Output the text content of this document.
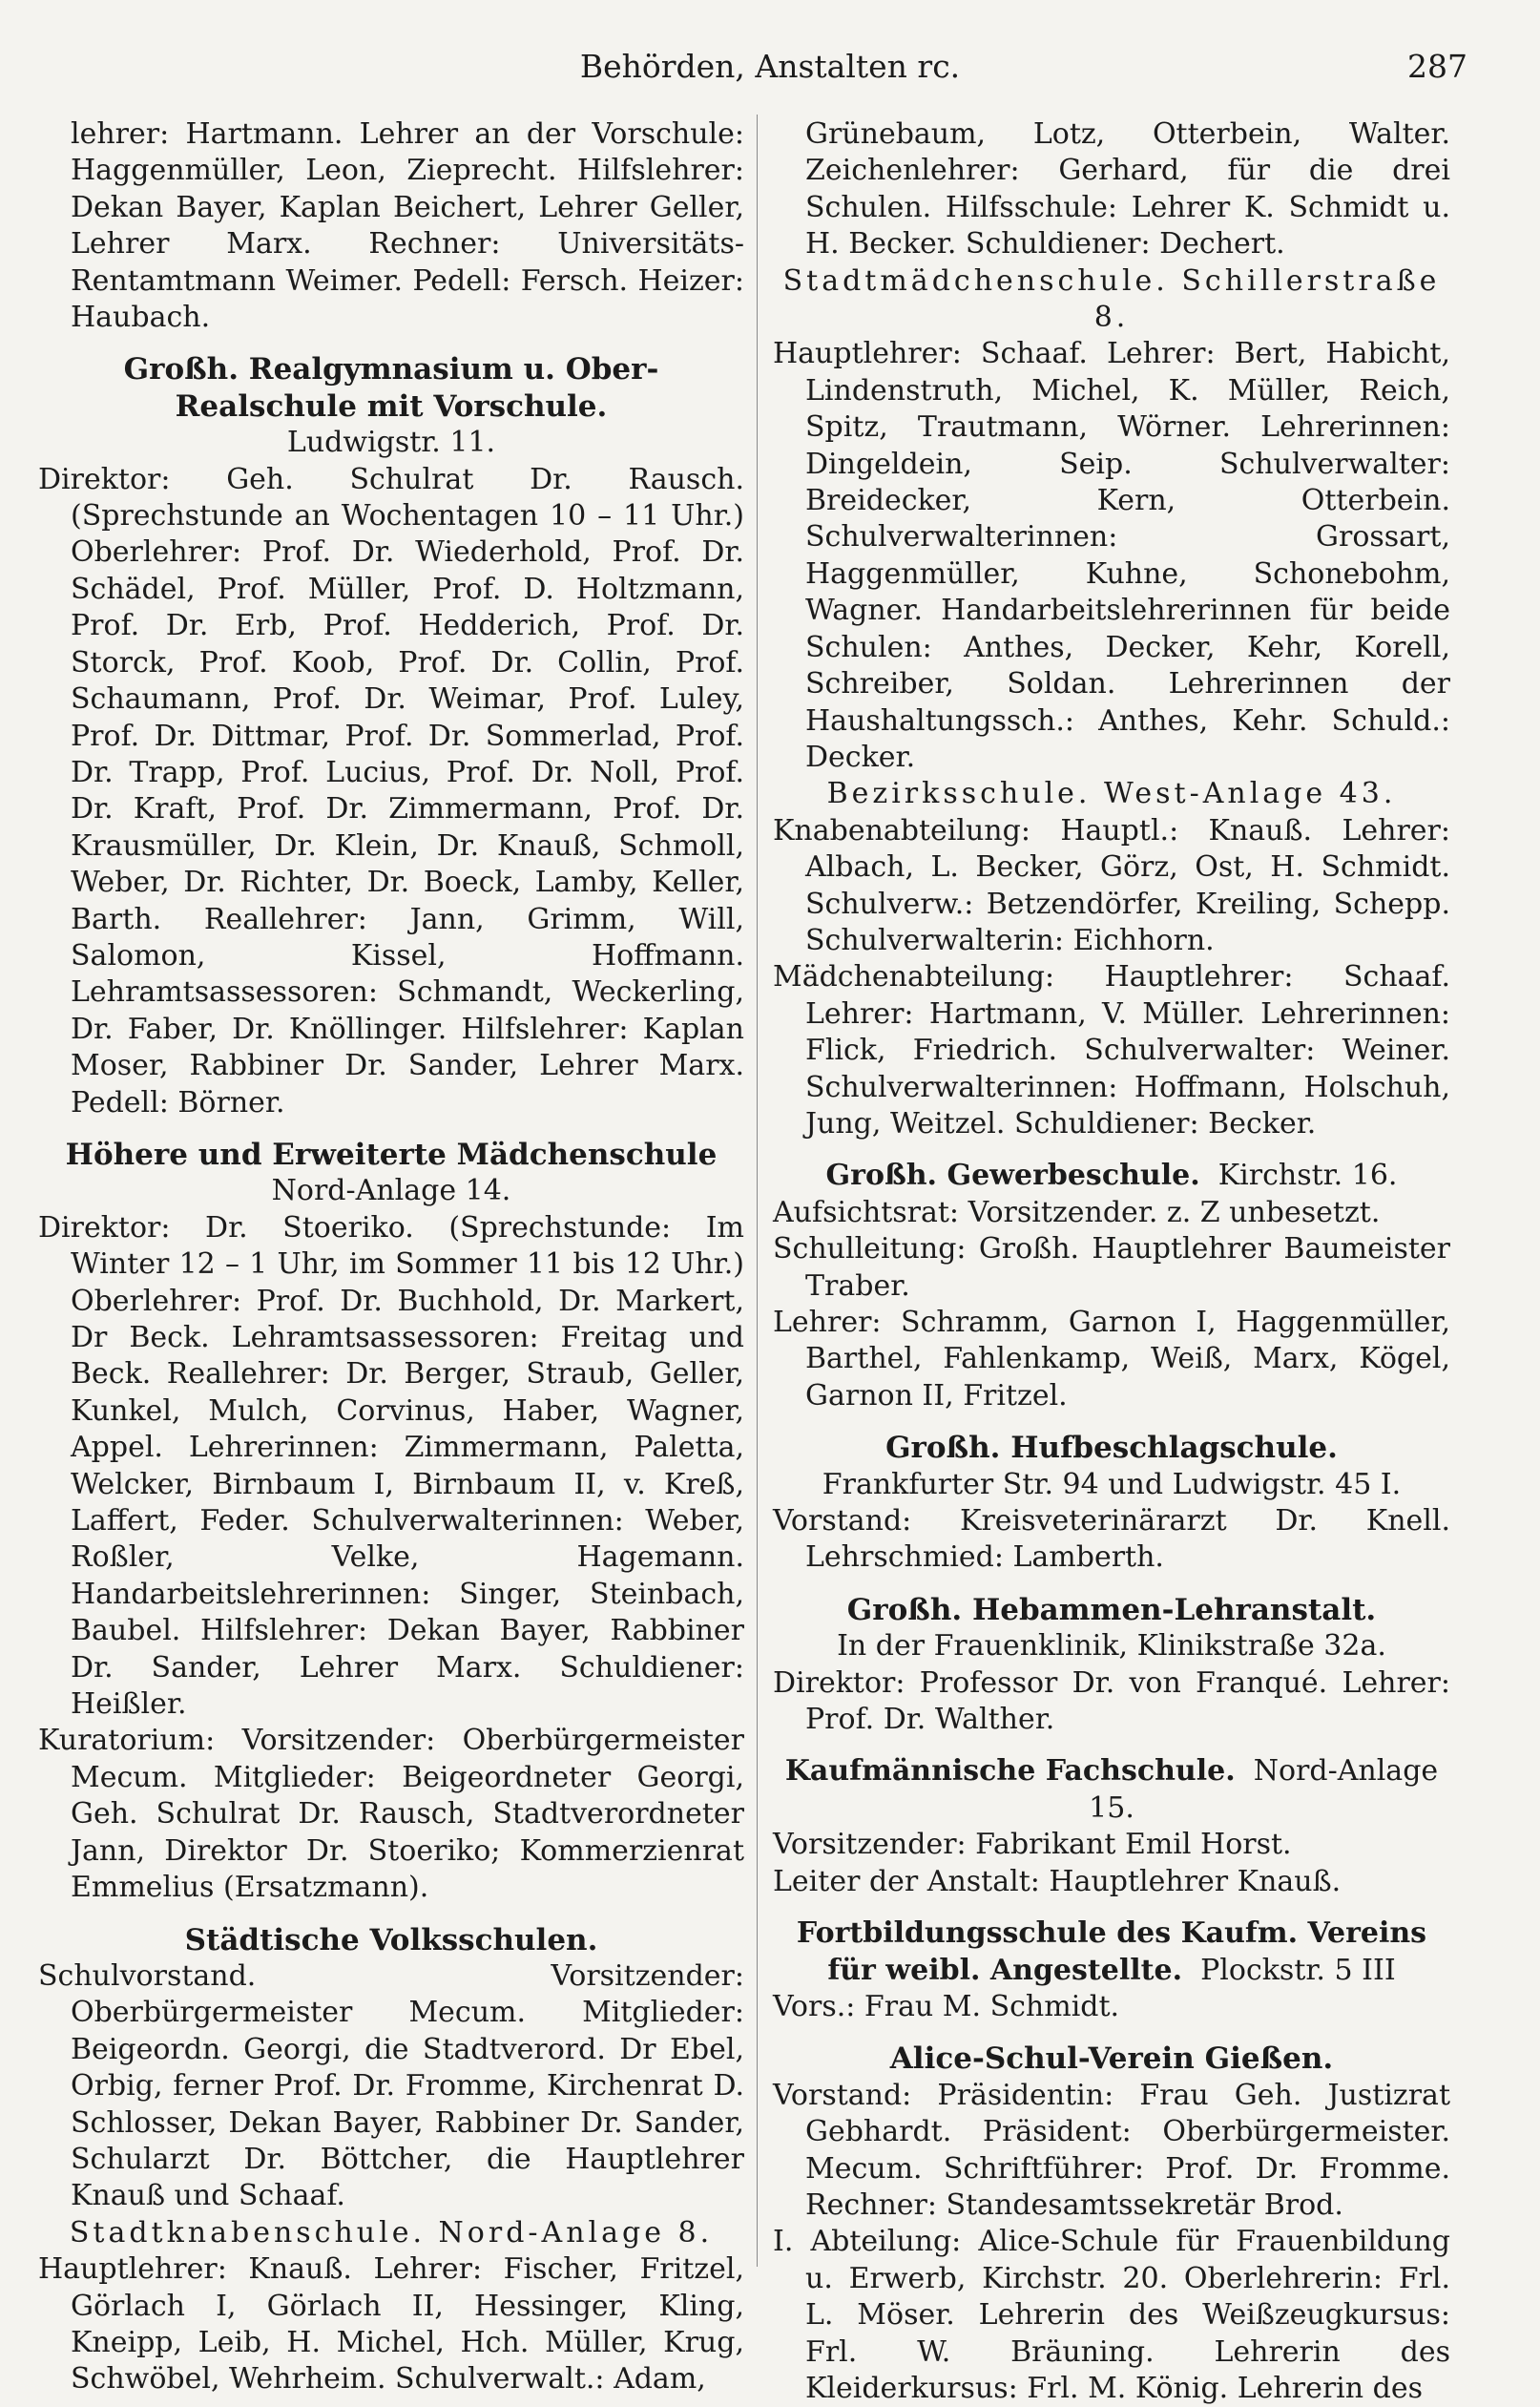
Behörden, Anstalten rc.	287

lehrer: Hartmann. Lehrer an der Vorschule: Haggenmüller, Leon, Zieprecht. Hilfslehrer: Dekan Bayer, Kaplan Beichert, Lehrer Geller, Lehrer Marx. Rechner: Universitäts-Rentamtmann Weimer. Pedell: Fersch. Heizer: Haubach.

Großh. Realgymnasium u. Ober-Realschule mit Vorschule.

Ludwigstr. 11.

Direktor: Geh. Schulrat Dr. Rausch. (Sprechstunde an Wochentagen 10 – 11 Uhr.) Oberlehrer: Prof. Dr. Wiederhold, Prof. Dr. Schädel, Prof. Müller, Prof. D. Holtzmann, Prof. Dr. Erb, Prof. Hedderich, Prof. Dr. Storck, Prof. Koob, Prof. Dr. Collin, Prof. Schaumann, Prof. Dr. Weimar, Prof. Luley, Prof. Dr. Dittmar, Prof. Dr. Sommerlad, Prof. Dr. Trapp, Prof. Lucius, Prof. Dr. Noll, Prof. Dr. Kraft, Prof. Dr. Zimmermann, Prof. Dr. Krausmüller, Dr. Klein, Dr. Knauß, Schmoll, Weber, Dr. Richter, Dr. Boeck, Lamby, Keller, Barth. Reallehrer: Jann, Grimm, Will, Salomon, Kissel, Hoffmann. Lehramtsassessoren: Schmandt, Weckerling, Dr. Faber, Dr. Knöllinger. Hilfslehrer: Kaplan Moser, Rabbiner Dr. Sander, Lehrer Marx. Pedell: Börner.

Höhere und Erweiterte Mädchenschule

Nord-Anlage 14.

Direktor: Dr. Stoeriko. (Sprechstunde: Im Winter 12 – 1 Uhr, im Sommer 11 bis 12 Uhr.) Oberlehrer: Prof. Dr. Buchhold, Dr. Markert, Dr Beck. Lehramtsassessoren: Freitag und Beck. Reallehrer: Dr. Berger, Straub, Geller, Kunkel, Mulch, Corvinus, Haber, Wagner, Appel. Lehrerinnen: Zimmermann, Paletta, Welcker, Birnbaum I, Birnbaum II, v. Kreß, Laffert, Feder. Schulverwalterinnen: Weber, Roßler, Velke, Hagemann. Handarbeitslehrerinnen: Singer, Steinbach, Baubel. Hilfslehrer: Dekan Bayer, Rabbiner Dr. Sander, Lehrer Marx. Schuldiener: Heißler.

Kuratorium: Vorsitzender: Oberbürgermeister Mecum. Mitglieder: Beigeordneter Georgi, Geh. Schulrat Dr. Rausch, Stadtverordneter Jann, Direktor Dr. Stoeriko; Kommerzienrat Emmelius (Ersatzmann).

Städtische Volksschulen.

Schulvorstand. Vorsitzender: Oberbürgermeister Mecum. Mitglieder: Beigeordn. Georgi, die Stadtverord. Dr Ebel, Orbig, ferner Prof. Dr. Fromme, Kirchenrat D. Schlosser, Dekan Bayer, Rabbiner Dr. Sander, Schularzt Dr. Böttcher, die Hauptlehrer Knauß und Schaaf.

Stadtknabenschule. Nord-Anlage 8.

Hauptlehrer: Knauß. Lehrer: Fischer, Fritzel, Görlach I, Görlach II, Hessinger, Kling, Kneipp, Leib, H. Michel, Hch. Müller, Krug, Schwöbel, Wehrheim. Schulverwalt.: Adam,

Grünebaum, Lotz, Otterbein, Walter. Zeichenlehrer: Gerhard, für die drei Schulen. Hilfsschule: Lehrer K. Schmidt u. H. Becker. Schuldiener: Dechert.

Stadtmädchenschule. Schillerstraße 8.

Hauptlehrer: Schaaf. Lehrer: Bert, Habicht, Lindenstruth, Michel, K. Müller, Reich, Spitz, Trautmann, Wörner. Lehrerinnen: Dingeldein, Seip. Schulverwalter: Breidecker, Kern, Otterbein. Schulverwalterinnen: Grossart, Haggenmüller, Kuhne, Schonebohm, Wagner. Handarbeitslehrerinnen für beide Schulen: Anthes, Decker, Kehr, Korell, Schreiber, Soldan. Lehrerinnen der Haushaltungssch.: Anthes, Kehr. Schuld.: Decker.

Bezirksschule. West-Anlage 43.

Knabenabteilung: Hauptl.: Knauß. Lehrer: Albach, L. Becker, Görz, Ost, H. Schmidt. Schulverw.: Betzendörfer, Kreiling, Schepp. Schulverwalterin: Eichhorn.

Mädchenabteilung: Hauptlehrer: Schaaf. Lehrer: Hartmann, V. Müller. Lehrerinnen: Flick, Friedrich. Schulverwalter: Weiner. Schulverwalterinnen: Hoffmann, Holschuh, Jung, Weitzel. Schuldiener: Becker.

Großh. Gewerbeschule. Kirchstr. 16.

Aufsichtsrat: Vorsitzender. z. Z unbesetzt.

Schulleitung: Großh. Hauptlehrer Baumeister Traber.

Lehrer: Schramm, Garnon I, Haggenmüller, Barthel, Fahlenkamp, Weiß, Marx, Kögel, Garnon II, Fritzel.

Großh. Hufbeschlagschule.

Frankfurter Str. 94 und Ludwigstr. 45 I.

Vorstand: Kreisveterinärarzt Dr. Knell. Lehrschmied: Lamberth.

Großh. Hebammen-Lehranstalt.

In der Frauenklinik, Klinikstraße 32a.

Direktor: Professor Dr. von Franqué. Lehrer: Prof. Dr. Walther.

Kaufmännische Fachschule. Nord-Anlage 15.

Vorsitzender: Fabrikant Emil Horst.

Leiter der Anstalt: Hauptlehrer Knauß.

Fortbildungsschule des Kaufm. Vereins für weibl. Angestellte. Plockstr. 5 III

Vors.: Frau M. Schmidt.

Alice-Schul-Verein Gießen.

Vorstand: Präsidentin: Frau Geh. Justizrat Gebhardt. Präsident: Oberbürgermeister. Mecum. Schriftführer: Prof. Dr. Fromme. Rechner: Standesamtssekretär Brod.

I. Abteilung: Alice-Schule für Frauenbildung u. Erwerb, Kirchstr. 20. Oberlehrerin: Frl. L. Möser. Lehrerin des Weißzeugkursus: Frl. W. Bräuning. Lehrerin des Kleiderkursus: Frl. M. König. Lehrerin des
